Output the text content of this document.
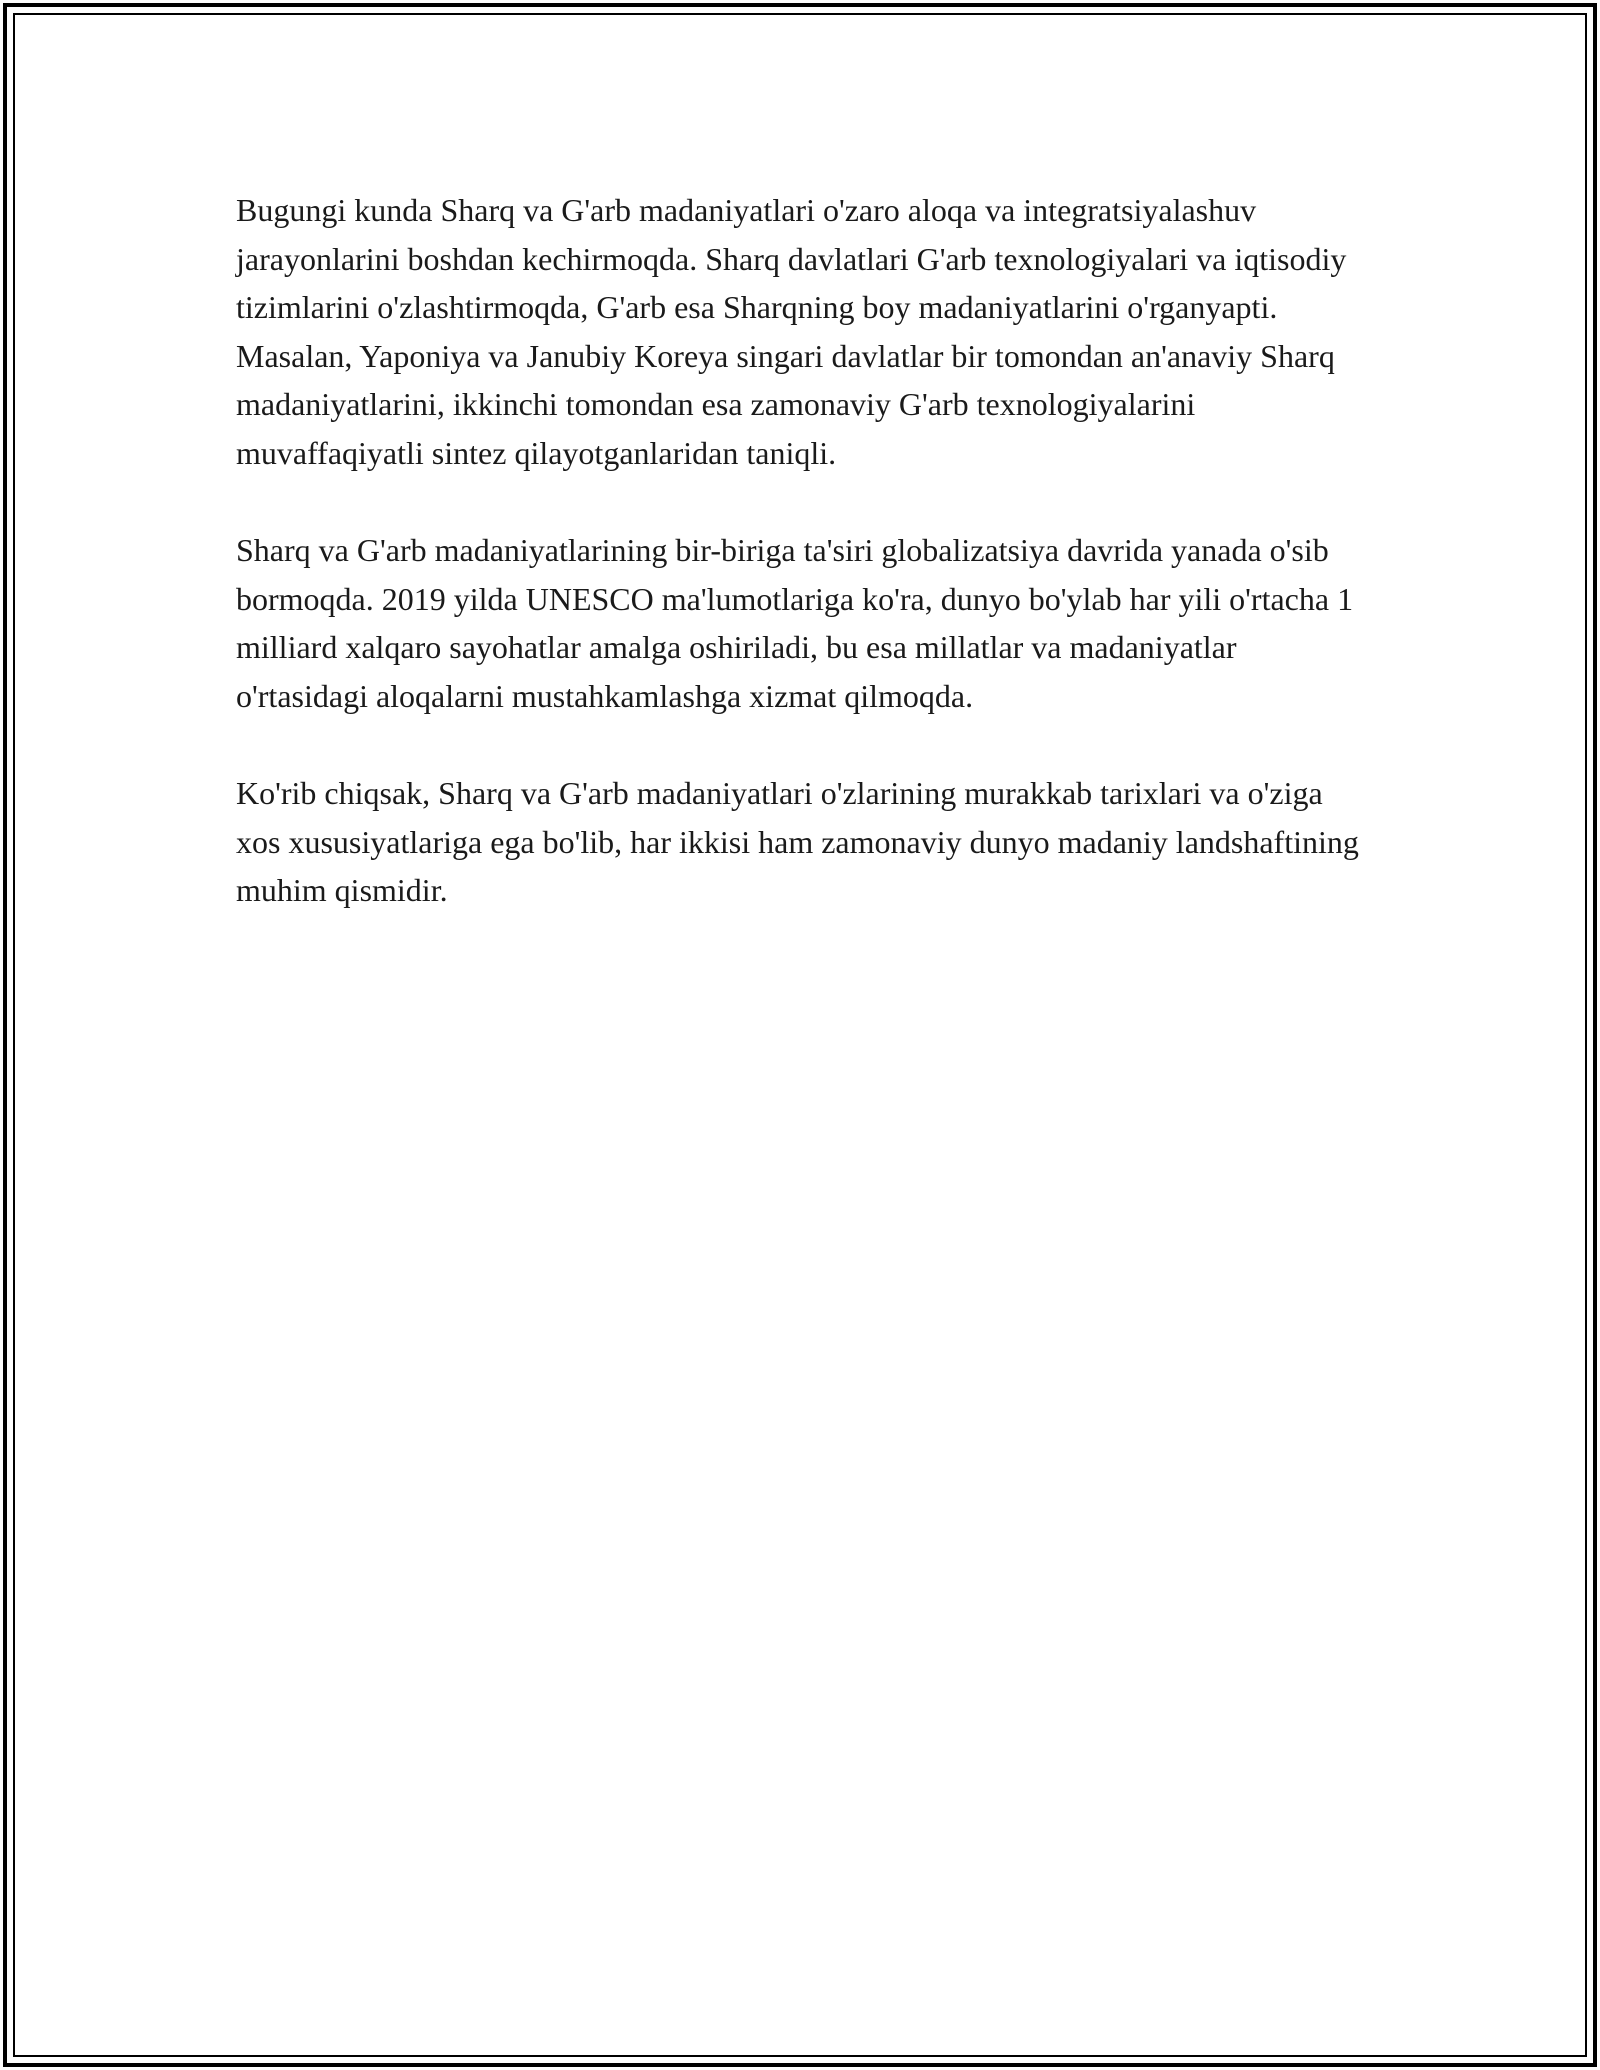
Bugungi kunda Sharq va G'arb madaniyatlari o'zaro aloqa va integratsiyalashuv jarayonlarini boshdan kechirmoqda. Sharq davlatlari G'arb texnologiyalari va iqtisodiy tizimlarini o'zlashtirmoqda, G'arb esa Sharqning boy madaniyatlarini o'rganyapti. Masalan, Yaponiya va Janubiy Koreya singari davlatlar bir tomondan an'anaviy Sharq madaniyatlarini, ikkinchi tomondan esa zamonaviy G'arb texnologiyalarini muvaffaqiyatli sintez qilayotganlaridan taniqli.

Sharq va G'arb madaniyatlarining bir-biriga ta'siri globalizatsiya davrida yanada o'sib bormoqda. 2019 yilda UNESCO ma'lumotlariga ko'ra, dunyo bo'ylab har yili o'rtacha 1 milliard xalqaro sayohatlar amalga oshiriladi, bu esa millatlar va madaniyatlar o'rtasidagi aloqalarni mustahkamlashga xizmat qilmoqda.

Ko'rib chiqsak, Sharq va G'arb madaniyatlari o'zlarining murakkab tarixlari va o'ziga xos xususiyatlariga ega bo'lib, har ikkisi ham zamonaviy dunyo madaniy landshaftining muhim qismidir.
